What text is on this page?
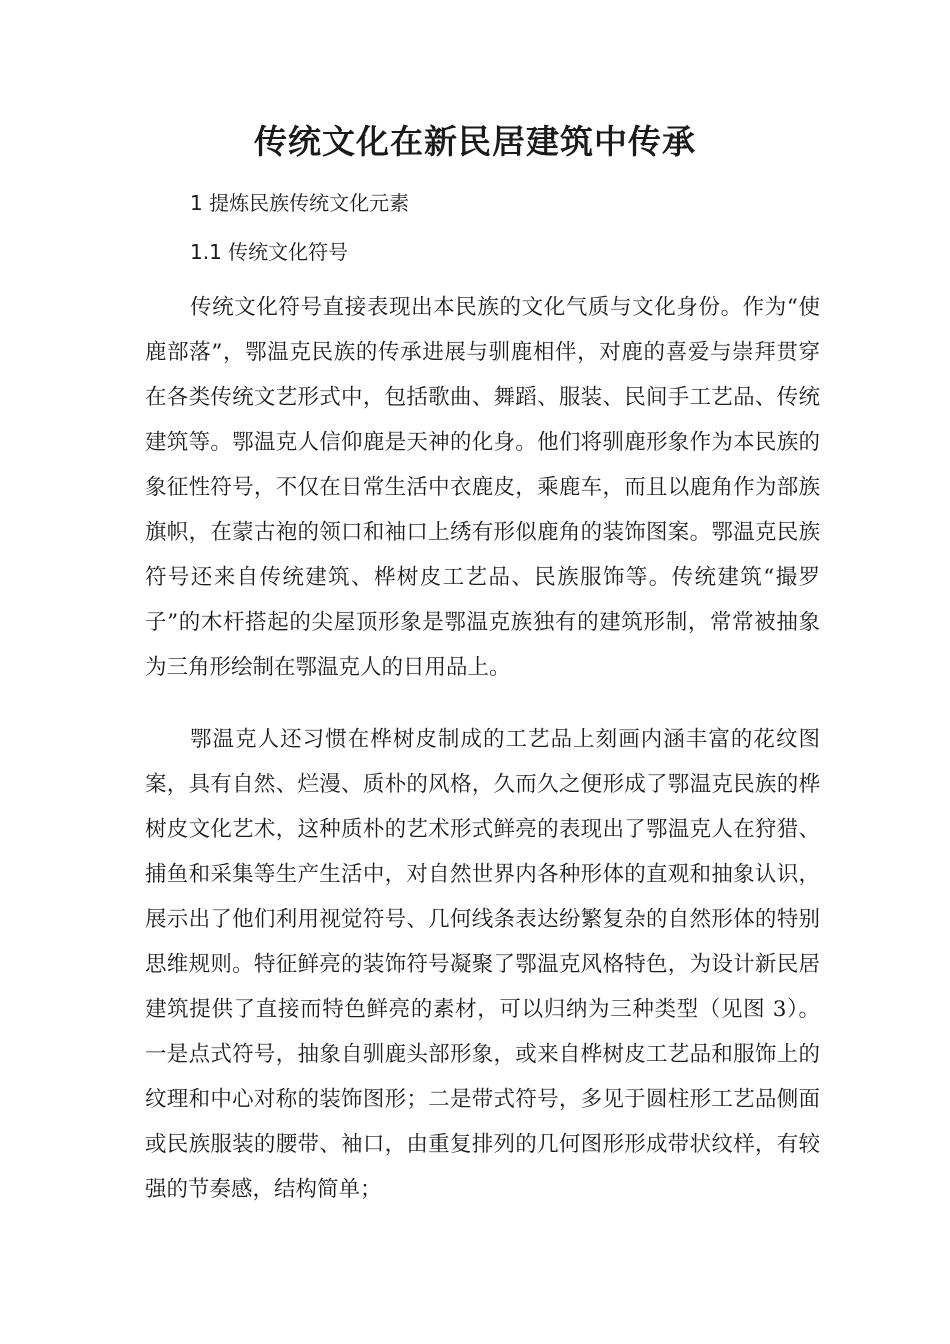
传统文化在新民居建筑中传承
1 提炼民族传统文化元素
1.1 传统文化符号

传统文化符号直接表现出本民族的文化气质与文化身份。作为“使鹿部落”，鄂温克民族的传承进展与驯鹿相伴，对鹿的喜爱与崇拜贯穿在各类传统文艺形式中，包括歌曲、舞蹈、服装、民间手工艺品、传统建筑等。鄂温克人信仰鹿是天神的化身。他们将驯鹿形象作为本民族的象征性符号，不仅在日常生活中衣鹿皮，乘鹿车，而且以鹿角作为部族旗帜，在蒙古袍的领口和袖口上绣有形似鹿角的装饰图案。鄂温克民族符号还来自传统建筑、桦树皮工艺品、民族服饰等。传统建筑“撮罗子”的木杆搭起的尖屋顶形象是鄂温克族独有的建筑形制，常常被抽象为三角形绘制在鄂温克人的日用品上。

鄂温克人还习惯在桦树皮制成的工艺品上刻画内涵丰富的花纹图案，具有自然、烂漫、质朴的风格，久而久之便形成了鄂温克民族的桦树皮文化艺术，这种质朴的艺术形式鲜亮的表现出了鄂温克人在狩猎、捕鱼和采集等生产生活中，对自然世界内各种形体的直观和抽象认识，展示出了他们利用视觉符号、几何线条表达纷繁复杂的自然形体的特别思维规则。特征鲜亮的装饰符号凝聚了鄂温克风格特色，为设计新民居建筑提供了直接而特色鲜亮的素材，可以归纳为三种类型（见图 3）。一是点式符号，抽象自驯鹿头部形象，或来自桦树皮工艺品和服饰上的纹理和中心对称的装饰图形；二是带式符号，多见于圆柱形工艺品侧面或民族服装的腰带、袖口，由重复排列的几何图形形成带状纹样，有较强的节奏感，结构简单；
